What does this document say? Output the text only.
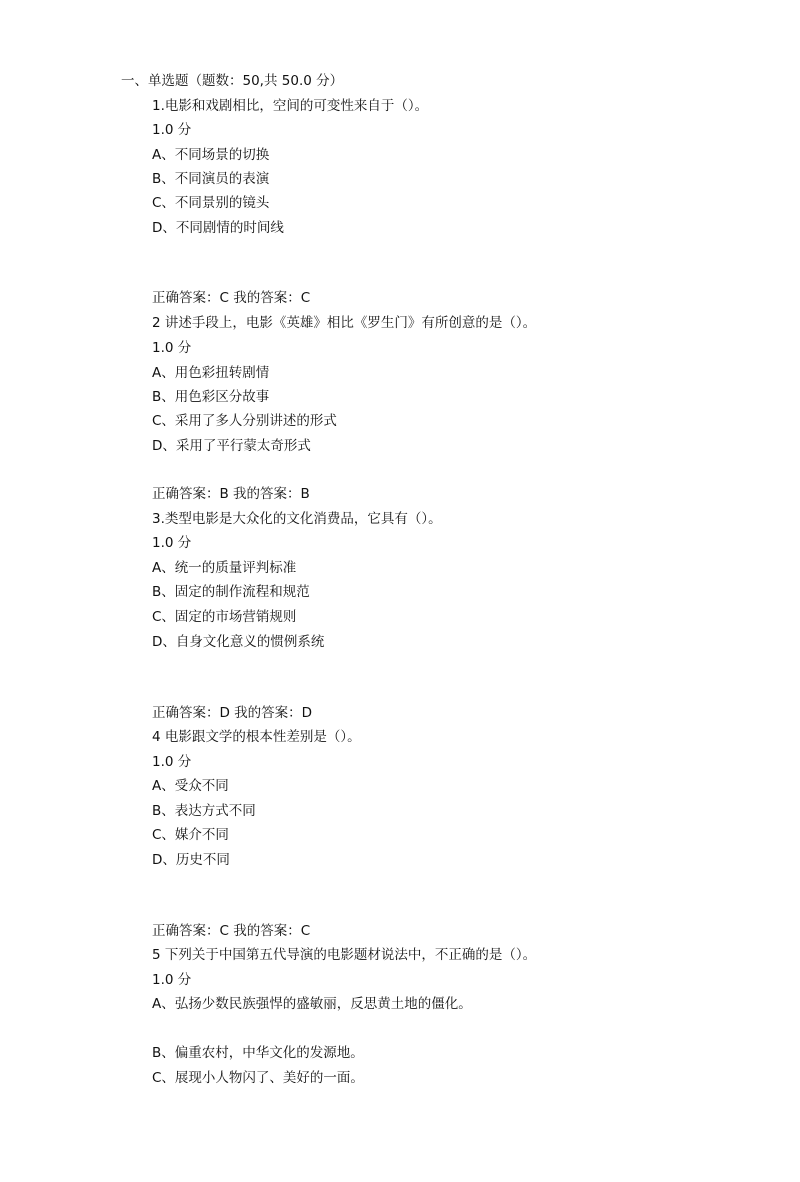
一、单选题（题数：50,共 50.0 分）
1.电影和戏剧相比，空间的可变性来自于（）。
1.0 分
A、不同场景的切换
B、不同演员的表演
C、不同景别的镜头
D、不同剧情的时间线
正确答案：C 我的答案：C
2 讲述手段上，电影《英雄》相比《罗生门》有所创意的是（）。
1.0 分
A、用色彩扭转剧情
B、用色彩区分故事
C、采用了多人分别讲述的形式
D、采用了平行蒙太奇形式
正确答案：B 我的答案：B
3.类型电影是大众化的文化消费品，它具有（）。
1.0 分
A、统一的质量评判标准
B、固定的制作流程和规范
C、固定的市场营销规则
D、自身文化意义的惯例系统
正确答案：D 我的答案：D
4 电影跟文学的根本性差别是（）。
1.0 分
A、受众不同
B、表达方式不同
C、媒介不同
D、历史不同
正确答案：C 我的答案：C
5 下列关于中国第五代导演的电影题材说法中，不正确的是（）。
1.0 分
A、弘扬少数民族强悍的盛敏丽，反思黄土地的僵化。
B、偏重农村，中华文化的发源地。
C、展现小人物闪了、美好的一面。
